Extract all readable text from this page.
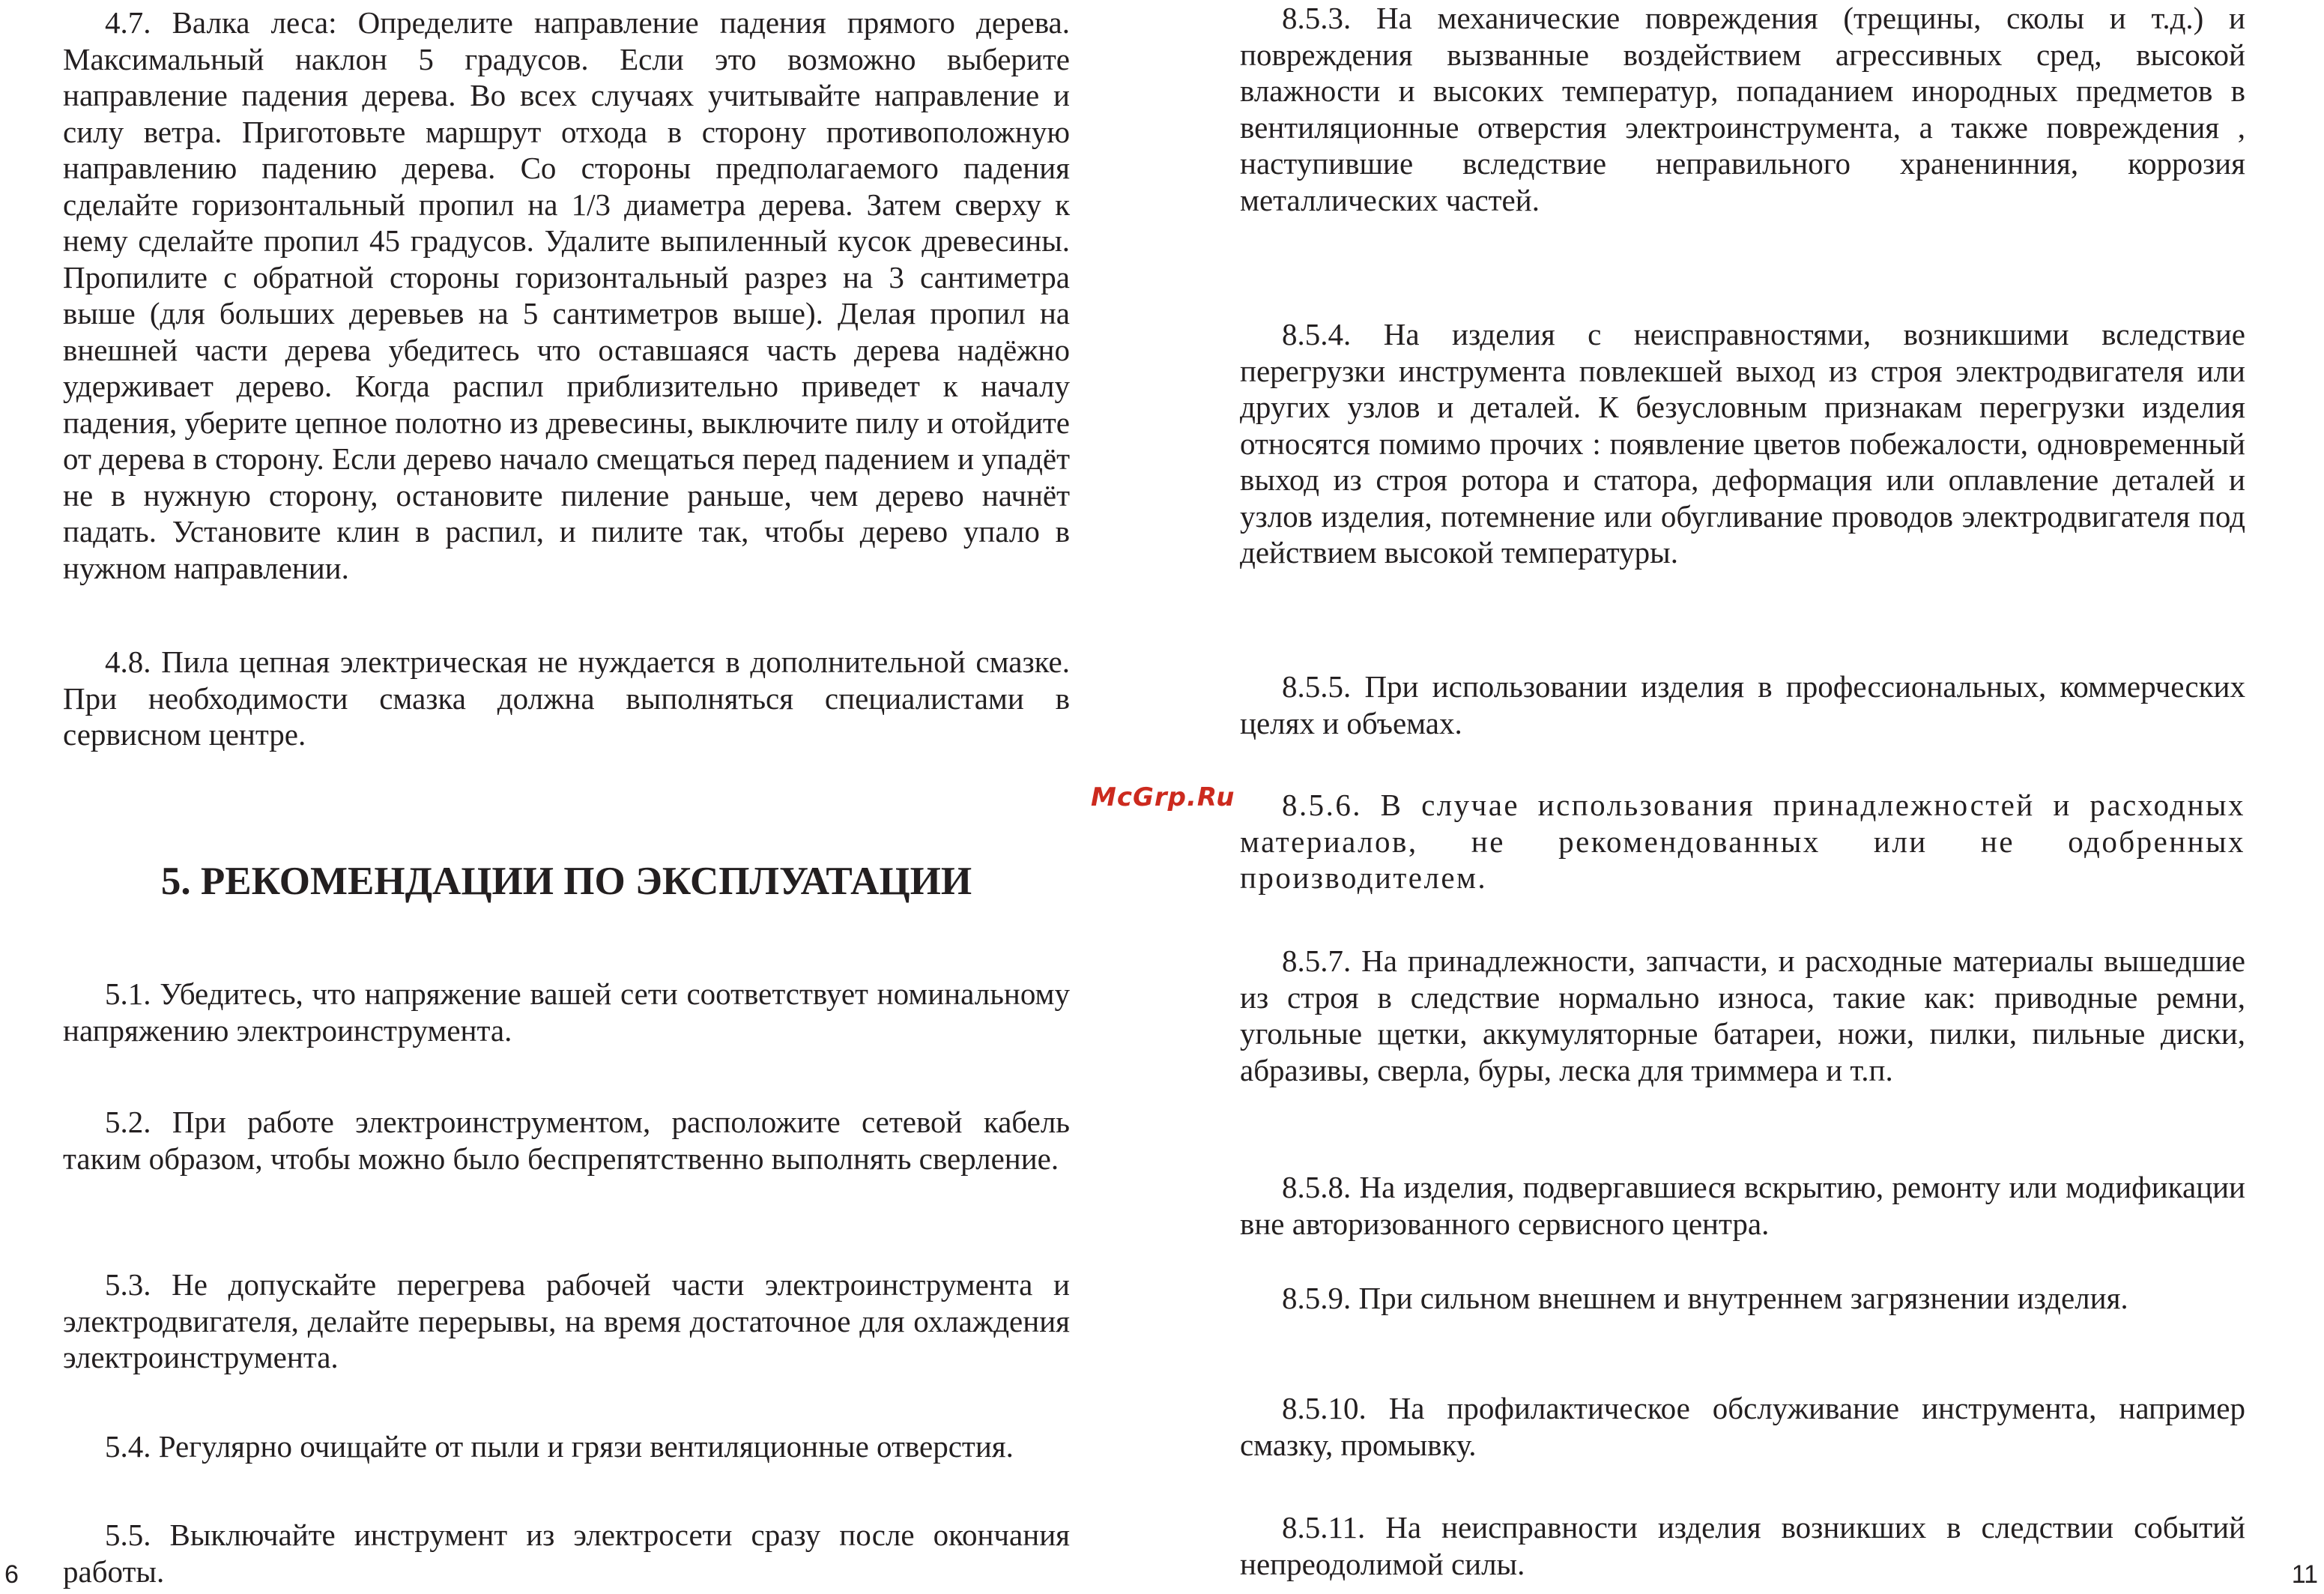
4.7. Валка леса: Определите направление падения прямого дерева. Максимальный наклон 5 градусов. Если это возможно выберите направление падения дерева. Во всех случаях учитывайте направление и силу ветра. Приготовьте маршрут отхода в сторону противоположную направлению падению дерева. Со стороны предполагаемого падения сделайте горизонтальный пропил на 1/3 диаметра дерева. Затем сверху к нему сделайте пропил 45 градусов. Удалите выпиленный кусок древесины. Пропилите с обратной стороны горизонтальный разрез на 3 сантиметра выше (для больших деревьев на 5 сантиметров выше). Делая пропил на внешней части дерева убедитесь что оставшаяся часть дерева надёжно удерживает дерево. Когда распил приблизительно приведет к началу падения, уберите цепное полотно из древесины, выключите пилу и отойдите от дерева в сторону. Если дерево начало смещаться перед падением и упадёт не в нужную сторону, остановите пиление раньше, чем дерево начнёт падать. Установите клин в распил, и пилите так, чтобы дерево упало в нужном направлении.

4.8. Пила цепная электрическая не нуждается в дополнительной смазке. При необходимости смазка должна выполняться специалистами в сервисном центре.

5. РЕКОМЕНДАЦИИ ПО ЭКСПЛУАТАЦИИ

5.1. Убедитесь, что напряжение вашей сети соответствует номинальному напряжению электроинструмента.

5.2. При работе электроинструментом, расположите сетевой кабель таким образом, чтобы можно было беспрепятственно выполнять сверление.

5.3. Не допускайте перегрева рабочей части электроинструмента и электродвигателя, делайте перерывы, на время достаточное для охлаждения электроинструмента.

5.4. Регулярно очищайте от пыли и грязи вентиляционные отверстия.

5.5. Выключайте инструмент из электросети сразу после окончания работы.

6

8.5.3. На механические повреждения (трещины, сколы и т.д.) и повреждения вызванные воздействием агрессивных сред, высокой влажности и высоких температур, попаданием инородных предметов в вентиляционные отверстия электроинструмента, а также повреждения , наступившие вследствие неправильного храненинния, коррозия металлических частей.

8.5.4. На изделия с неисправностями, возникшими вследствие перегрузки инструмента повлекшей выход из строя электродвигателя или других узлов и деталей. К безусловным признакам перегрузки изделия относятся помимо прочих : появление цветов побежалости, одновременный выход из строя ротора и статора, деформация или оплавление деталей и узлов изделия, потемнение или обугливание проводов электродвигателя под действием высокой температуры.

8.5.5. При использовании изделия в профессиональных, коммерческих целях и объемах.

8.5.6. В случае использования принадлежностей и расходных материалов, не рекомендованных или не одобренных производителем.

8.5.7. На принадлежности, запчасти, и расходные материалы вышедшие из строя в следствие нормально износа, такие как: приводные ремни, угольные щетки, аккумуляторные батареи, ножи, пилки, пильные диски, абразивы, сверла, буры, леска для триммера и т.п.

8.5.8. На изделия, подвергавшиеся вскрытию, ремонту или модификации вне авторизованного сервисного центра.

8.5.9. При сильном внешнем и внутреннем загрязнении изделия.

8.5.10. На профилактическое обслуживание инструмента, например смазку, промывку.

8.5.11. На неисправности изделия возникших в следствии событий непреодолимой силы.	11
McGrp.Ru
